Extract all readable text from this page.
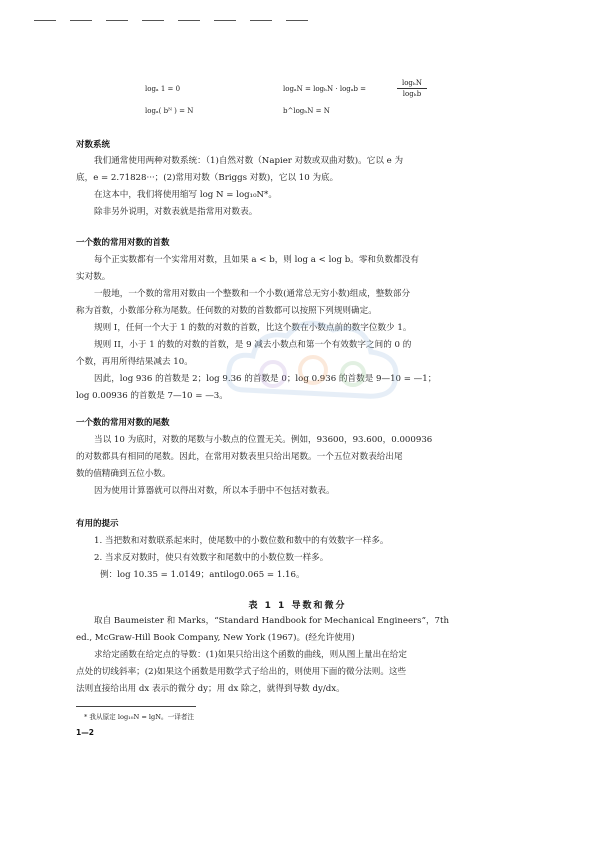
logₐ 1 = 0
logₐ( bᴺ ) = N
logₐN = logₕN · logₐb =	$\frac{\text{logₕN}}{\text{logₕb}}$
b^logₕN = N
对数系统
我们通常使用两种对数系统：（1)自然对数（Napier 对数或双曲对数)。它以 e 为
底，e = 2.71828···；(2)常用对数（Briggs 对数)，它以 10 为底。
在这本中，我们将使用缩写 log N = log₁₀N*。
除非另外说明，对数表就是指常用对数表。
一个数的常用对数的首数
每个正实数都有一个实常用对数，且如果 a < b，则 log a < log b。零和负数都没有
实对数。
一般地，一个数的常用对数由一个整数和一个小数(通常总无穷小数)组成，整数部分
称为首数，小数部分称为尾数。任何数的对数的首数都可以按照下列规则确定。
规则 I，任何一个大于 1 的数的对数的首数，比这个数在小数点前的数字位数少 1。
规则 II，小于 1 的数的对数的首数，是 9 减去小数点和第一个有效数字之间的 0 的
个数，再用所得结果减去 10。
因此，log 936 的首数是 2；log 9.36 的首数是 0；log 0.936 的首数是 9—10 = —1；
log 0.00936 的首数是 7—10 = —3。
一个数的常用对数的尾数
当以 10 为底时，对数的尾数与小数点的位置无关。例如，93600，93.600，0.000936
的对数都具有相同的尾数。因此，在常用对数表里只给出尾数。一个五位对数表给出尾
数的值精确到五位小数。
因为使用计算器就可以得出对数，所以本手册中不包括对数表。
有用的提示
1. 当把数和对数联系起来时，使尾数中的小数位数和数中的有效数字一样多。
2. 当求反对数时，使只有效数字和尾数中的小数位数一样多。
例：log 10.35 = 1.0149；antilog0.065 = 1.16。
表 1 1 导数和微分
取自 Baumeister 和 Marks，“Standard Handbook for Mechanical Engineers”，7th
ed., McGraw-Hill Book Company, New York (1967)。(经允许使用)
求给定函数在给定点的导数：(1)如果只给出这个函数的曲线，则从图上量出在给定
点处的切线斜率；(2)如果这个函数是用数学式子给出的，则使用下面的微分法则。这些
法则直接给出用 dx 表示的微分 dy；用 dx 除之，就得到导数 dy/dx。
* 我从原定 log₁₀N = lgN。一译者注
1—2
